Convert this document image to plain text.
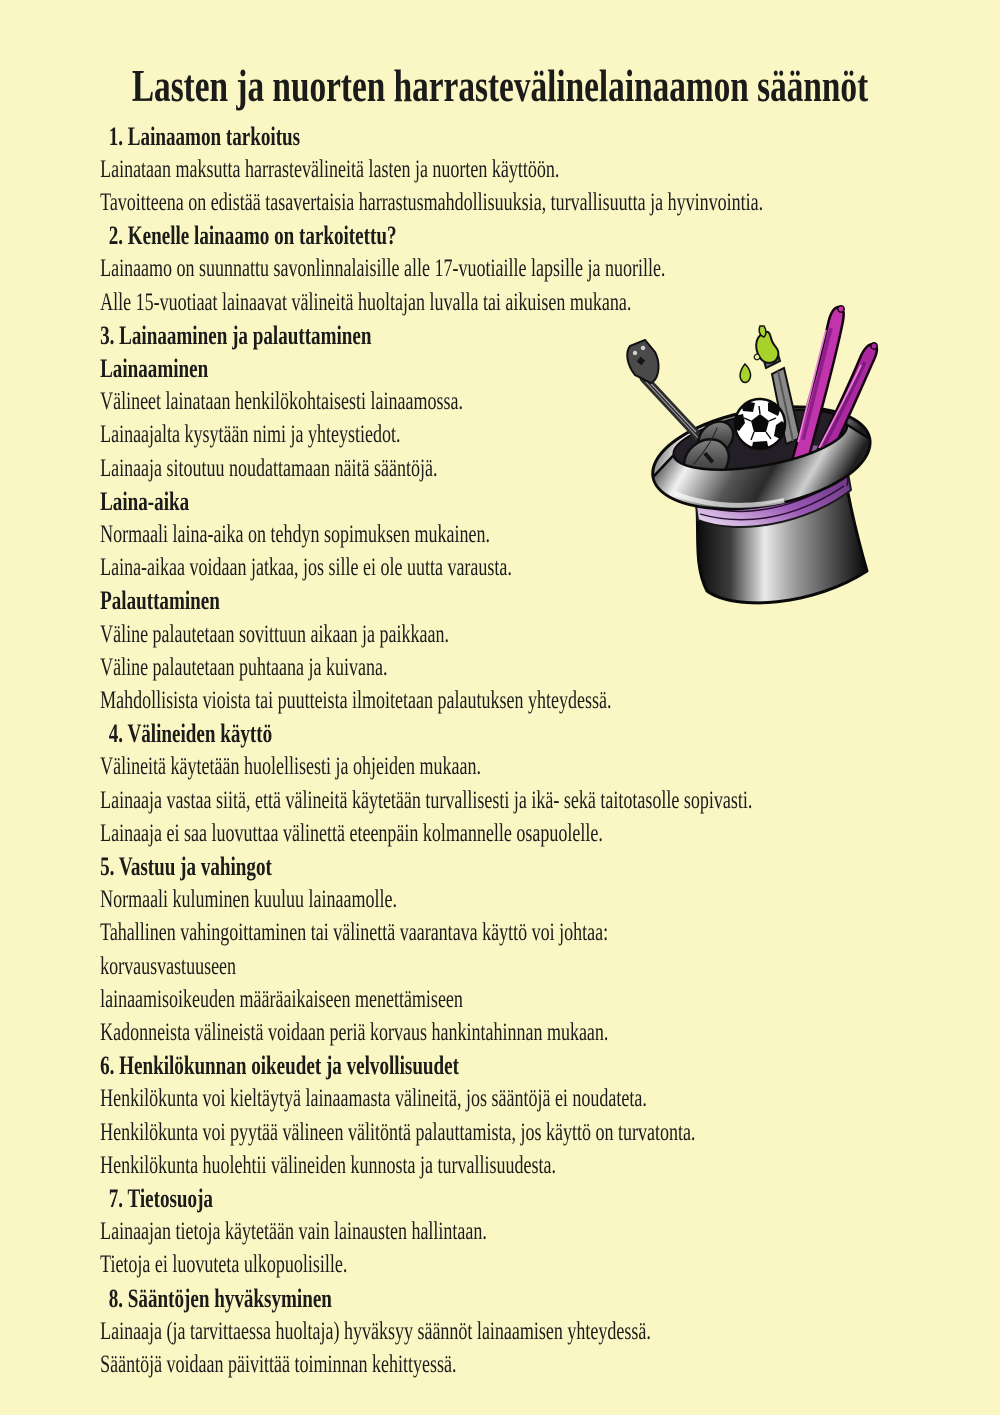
Lasten ja nuorten harrastevälinelainaamon säännöt
1. Lainaamon tarkoitus
Lainataan maksutta harrastevälineitä lasten ja nuorten käyttöön.
Tavoitteena on edistää tasavertaisia harrastusmahdollisuuksia, turvallisuutta ja hyvinvointia.
2. Kenelle lainaamo on tarkoitettu?
Lainaamo on suunnattu savonlinnalaisille alle 17-vuotiaille lapsille ja nuorille.
Alle 15-vuotiaat lainaavat välineitä huoltajan luvalla tai aikuisen mukana.
3. Lainaaminen ja palauttaminen
Lainaaminen
Välineet lainataan henkilökohtaisesti lainaamossa.
Lainaajalta kysytään nimi ja yhteystiedot.
Lainaaja sitoutuu noudattamaan näitä sääntöjä.
Laina-aika
Normaali laina-aika on tehdyn sopimuksen mukainen.
Laina-aikaa voidaan jatkaa, jos sille ei ole uutta varausta.
Palauttaminen
Väline palautetaan sovittuun aikaan ja paikkaan.
Väline palautetaan puhtaana ja kuivana.
Mahdollisista vioista tai puutteista ilmoitetaan palautuksen yhteydessä.
4. Välineiden käyttö
Välineitä käytetään huolellisesti ja ohjeiden mukaan.
Lainaaja vastaa siitä, että välineitä käytetään turvallisesti ja ikä- sekä taitotasolle sopivasti.
Lainaaja ei saa luovuttaa välinettä eteenpäin kolmannelle osapuolelle.
5. Vastuu ja vahingot
Normaali kuluminen kuuluu lainaamolle.
Tahallinen vahingoittaminen tai välinettä vaarantava käyttö voi johtaa:
korvausvastuuseen
lainaamisoikeuden määräaikaiseen menettämiseen
Kadonneista välineistä voidaan periä korvaus hankintahinnan mukaan.
6. Henkilökunnan oikeudet ja velvollisuudet
Henkilökunta voi kieltäytyä lainaamasta välineitä, jos sääntöjä ei noudateta.
Henkilökunta voi pyytää välineen välitöntä palauttamista, jos käyttö on turvatonta.
Henkilökunta huolehtii välineiden kunnosta ja turvallisuudesta.
7. Tietosuoja
Lainaajan tietoja käytetään vain lainausten hallintaan.
Tietoja ei luovuteta ulkopuolisille.
8. Sääntöjen hyväksyminen
Lainaaja (ja tarvittaessa huoltaja) hyväksyy säännöt lainaamisen yhteydessä.
Sääntöjä voidaan päivittää toiminnan kehittyessä.
